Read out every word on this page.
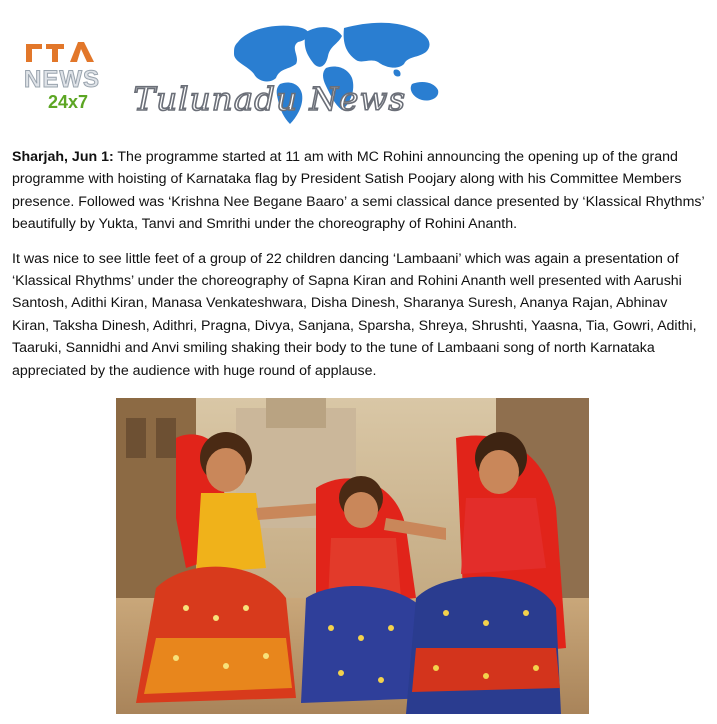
NEWS
24x7 Tulunadu News

Sharjah, Jun 1: The programme started at 11 am with MC Rohini announcing the opening up of the grand programme with hoisting of Karnataka flag by President Satish Poojary along with his Committee Members presence. Followed was ‘Krishna Nee Begane Baaro’ a semi classical dance presented by ‘Klassical Rhythms’ beautifully by Yukta, Tanvi and Smrithi under the choreography of Rohini Ananth.

It was nice to see little feet of a group of 22 children dancing ‘Lambaani’ which was again a presentation of ‘Klassical Rhythms’ under the choreography of Sapna Kiran and Rohini Ananth well presented with Aarushi Santosh, Adithi Kiran, Manasa Venkateshwara, Disha Dinesh, Sharanya Suresh, Ananya Rajan, Abhinav Kiran, Taksha Dinesh, Adithri, Pragna, Divya, Sanjana, Sparsha, Shreya, Shrushti, Yaasna, Tia, Gowri, Adithi, Taaruki, Sannidhi and Anvi smiling shaking their body to the tune of Lambaani song of north Karnataka appreciated by the audience with huge round of applause.
